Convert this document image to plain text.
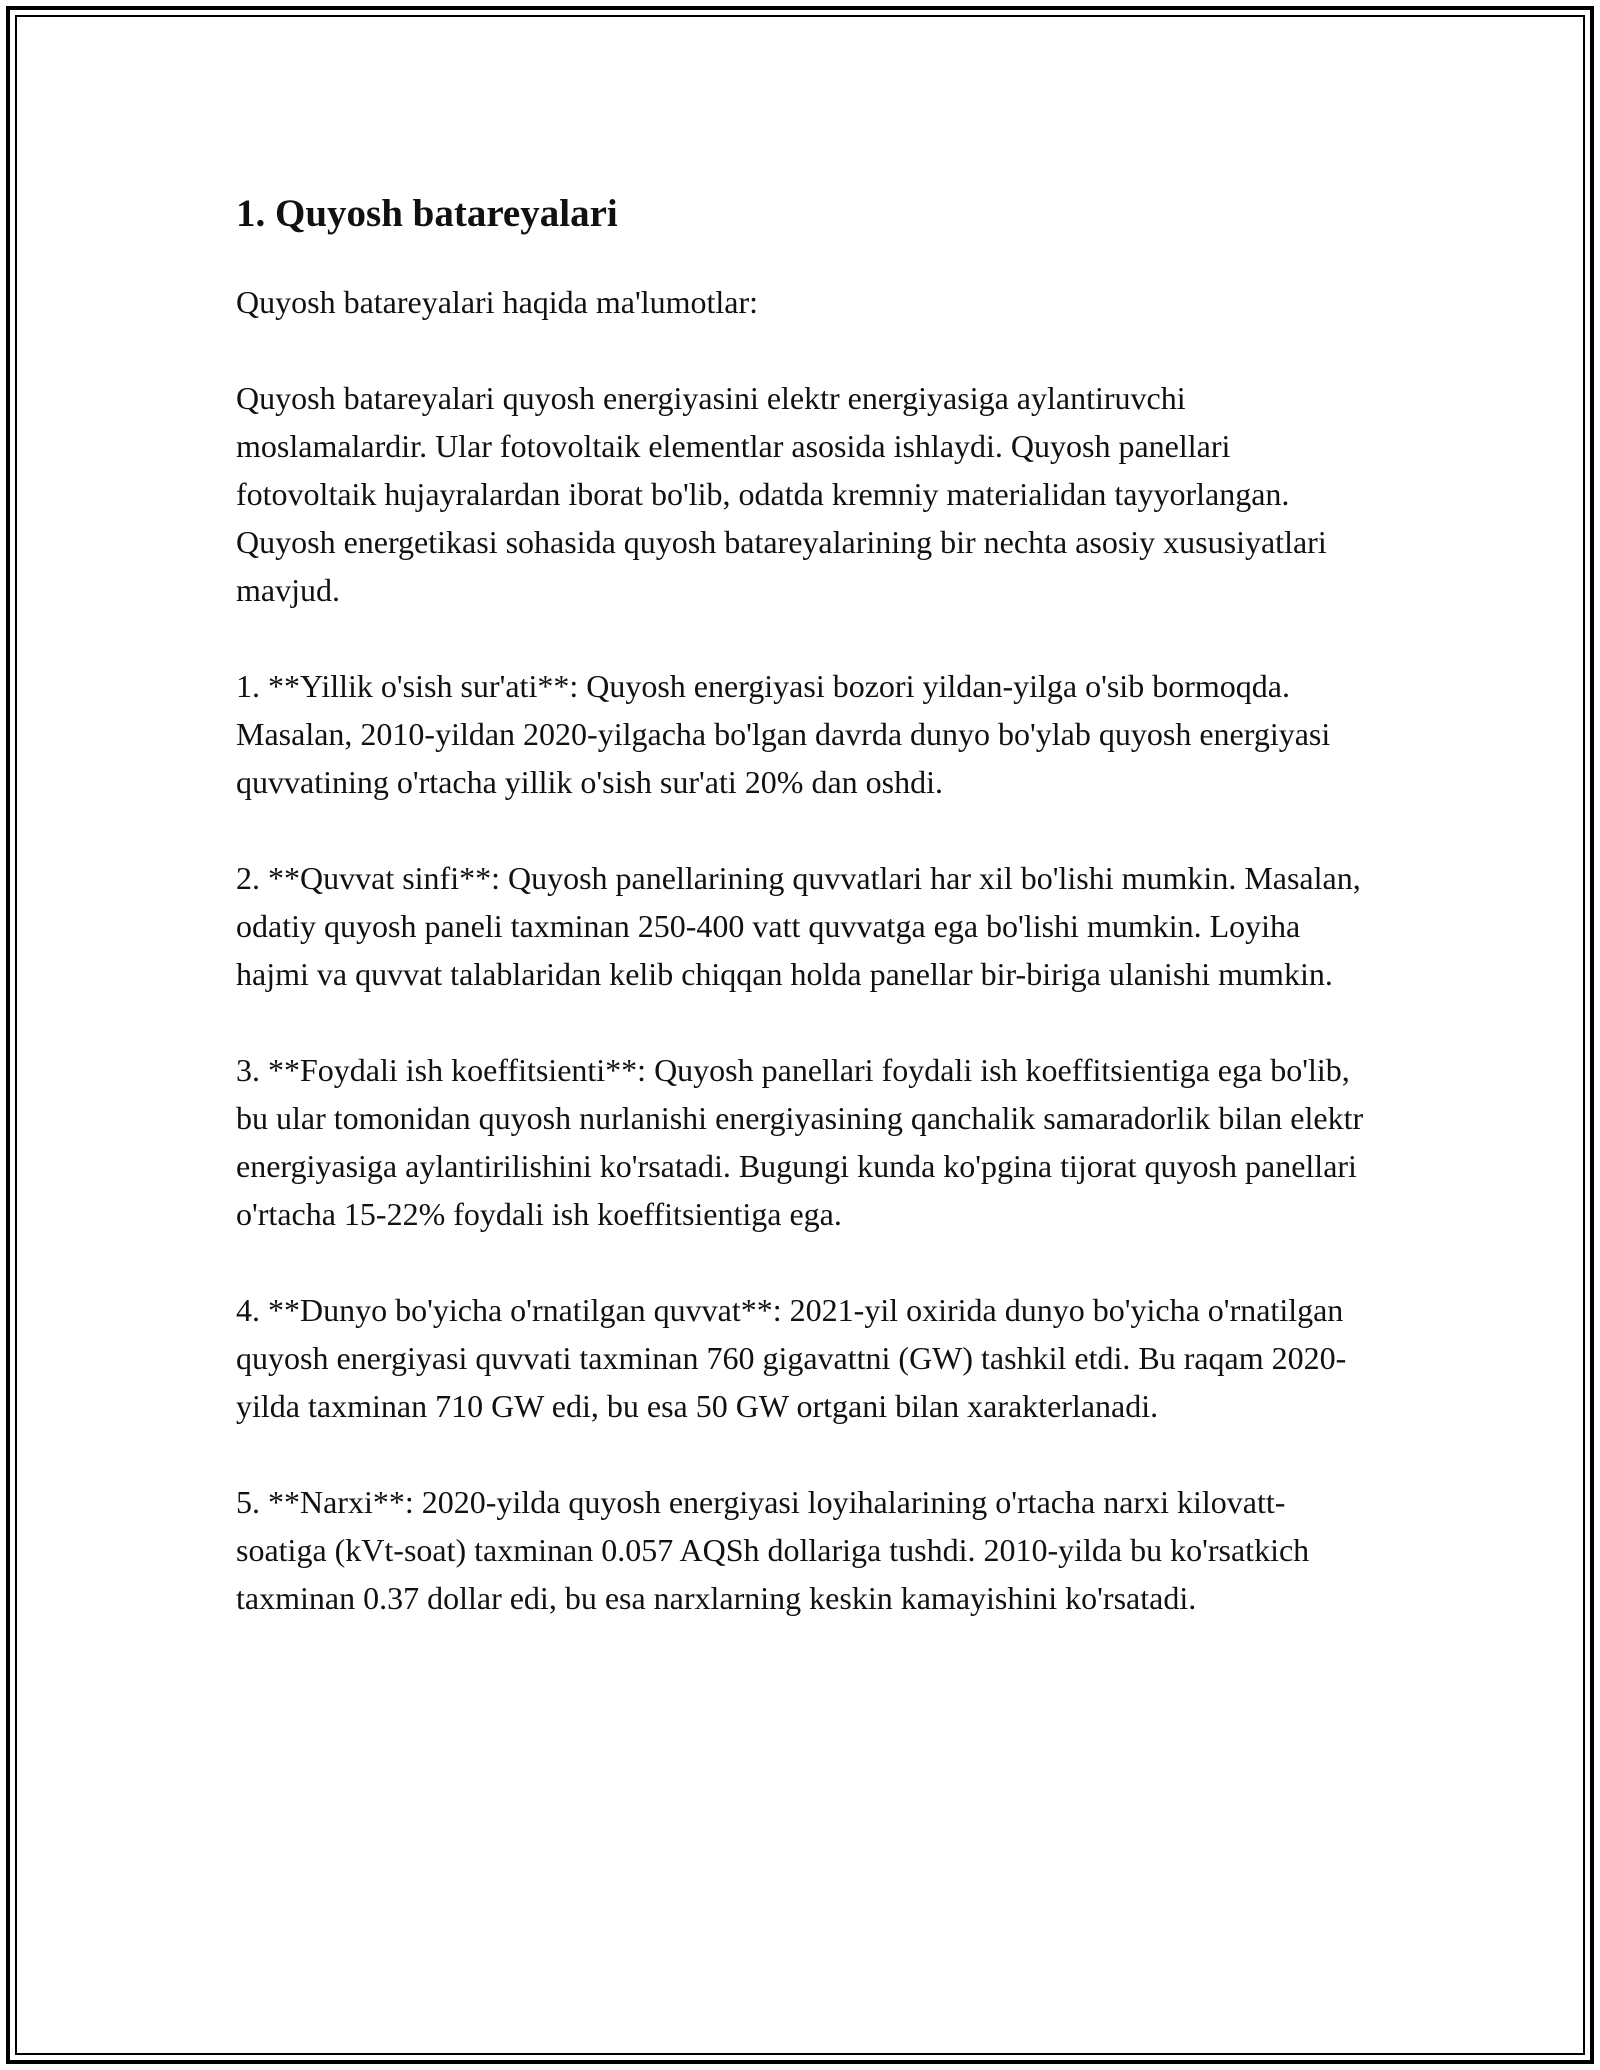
1. Quyosh batareyalari

Quyosh batareyalari haqida ma'lumotlar:

Quyosh batareyalari quyosh energiyasini elektr energiyasiga aylantiruvchi moslamalardir. Ular fotovoltaik elementlar asosida ishlaydi. Quyosh panellari fotovoltaik hujayralardan iborat bo'lib, odatda kremniy materialidan tayyorlangan. Quyosh energetikasi sohasida quyosh batareyalarining bir nechta asosiy xususiyatlari mavjud.

1. **Yillik o'sish sur'ati**: Quyosh energiyasi bozori yildan-yilga o'sib bormoqda. Masalan, 2010-yildan 2020-yilgacha bo'lgan davrda dunyo bo'ylab quyosh energiyasi quvvatining o'rtacha yillik o'sish sur'ati 20% dan oshdi.

2. **Quvvat sinfi**: Quyosh panellarining quvvatlari har xil bo'lishi mumkin. Masalan, odatiy quyosh paneli taxminan 250-400 vatt quvvatga ega bo'lishi mumkin. Loyiha hajmi va quvvat talablaridan kelib chiqqan holda panellar bir-biriga ulanishi mumkin.

3. **Foydali ish koeffitsienti**: Quyosh panellari foydali ish koeffitsientiga ega bo'lib, bu ular tomonidan quyosh nurlanishi energiyasining qanchalik samaradorlik bilan elektr energiyasiga aylantirilishini ko'rsatadi. Bugungi kunda ko'pgina tijorat quyosh panellari o'rtacha 15-22% foydali ish koeffitsientiga ega.

4. **Dunyo bo'yicha o'rnatilgan quvvat**: 2021-yil oxirida dunyo bo'yicha o'rnatilgan quyosh energiyasi quvvati taxminan 760 gigavattni (GW) tashkil etdi. Bu raqam 2020-yilda taxminan 710 GW edi, bu esa 50 GW ortgani bilan xarakterlanadi.

5. **Narxi**: 2020-yilda quyosh energiyasi loyihalarining o'rtacha narxi kilovatt-soatiga (kVt-soat) taxminan 0.057 AQSh dollariga tushdi. 2010-yilda bu ko'rsatkich taxminan 0.37 dollar edi, bu esa narxlarning keskin kamayishini ko'rsatadi.
